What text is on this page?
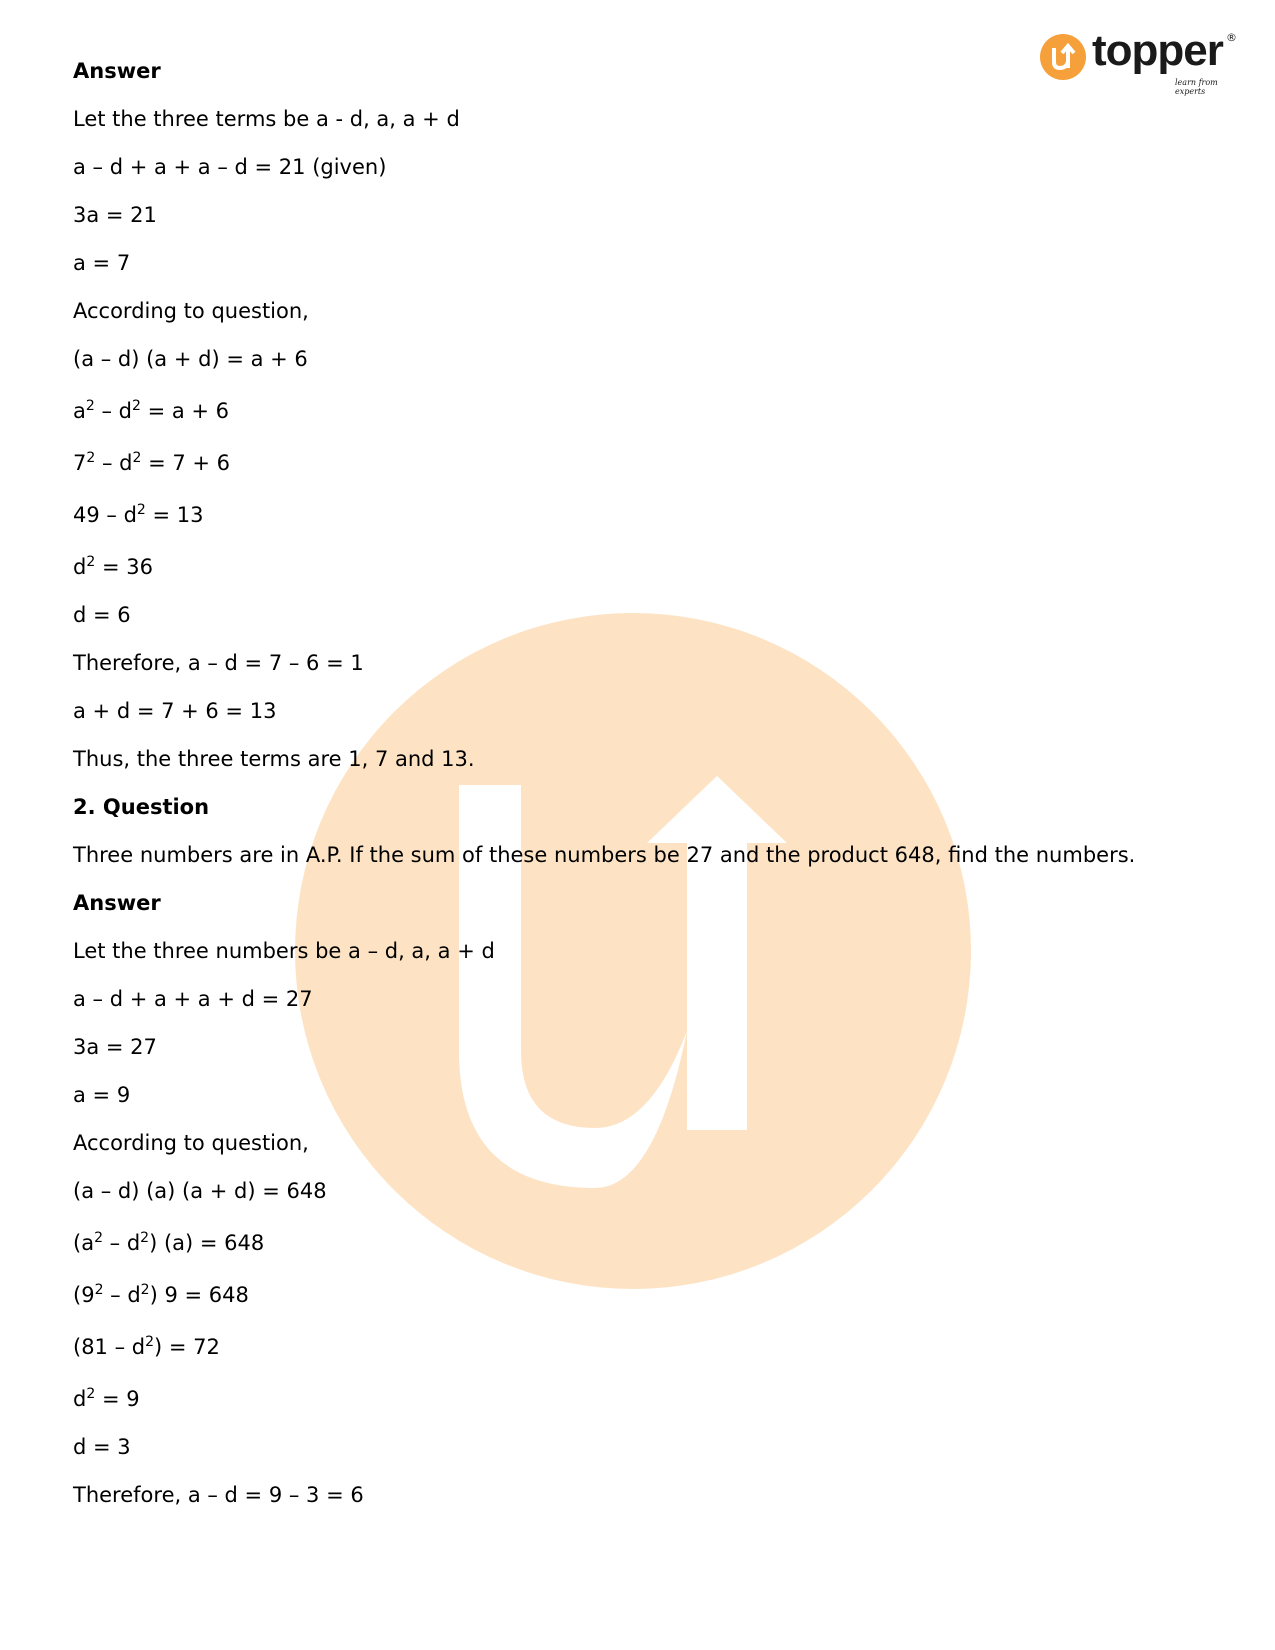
topper ®
learn from experts

Answer

Let the three terms be a - d, a, a + d

a – d + a + a – d = 21 (given)

3a = 21

a = 7

According to question,

(a – d) (a + d) = a + 6

$a^2 - d^2 = a + 6$

$7^2 - d^2 = 7 + 6$

$49 - d^2 = 13$

$d^2 = 36$

d = 6

Therefore, a – d = 7 – 6 = 1

a + d = 7 + 6 = 13

Thus, the three terms are 1, 7 and 13.

2. Question

Three numbers are in A.P. If the sum of these numbers be 27 and the product 648, find the numbers.

Answer

Let the three numbers be a – d, a, a + d

a – d + a + a + d = 27

3a = 27

a = 9

According to question,

(a – d) (a) (a + d) = 648

$(a^2 - d^2) (a) = 648$

$(9^2 - d^2) 9 = 648$

$(81 - d^2) = 72$

$d^2 = 9$

d = 3

Therefore, a – d = 9 – 3 = 6
